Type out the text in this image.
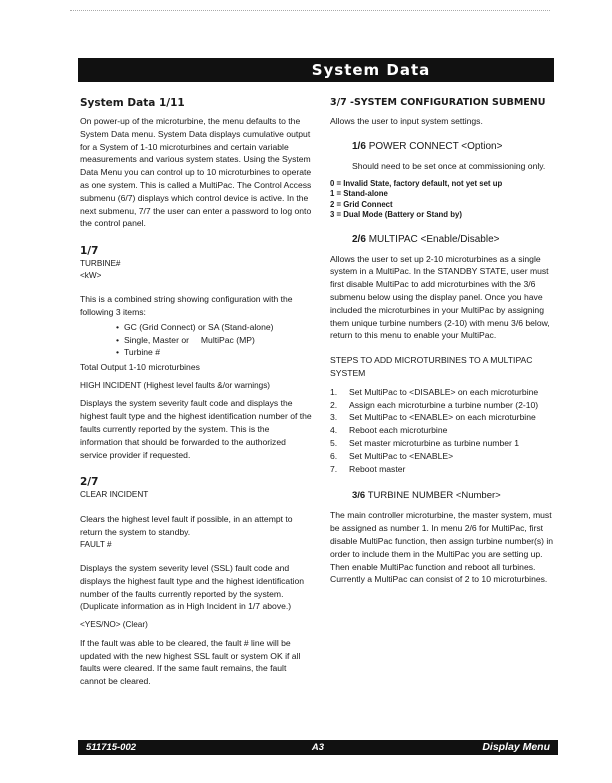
System Data
System Data 1/11

On power-up of the microturbine, the menu defaults to the System Data menu. System Data displays cumulative output for a System of 1-10 microturbines and certain variable measurements and various system states. Using the System Data Menu you can control up to 10 microturbines to operate as one system. This is called a MultiPac. The Control Access submenu (6/7) displays which control device is active. In the next submenu, 7/7 the user can enter a password to log onto the control panel.

1/7

TURBINE#

<kW>

This is a combined string showing configuration with the following 3 items:

• GC (Grid Connect) or SA (Stand-alone)
• Single, Master or     MultiPac (MP)
• Turbine #

Total Output 1-10 microturbines

HIGH INCIDENT (Highest level faults &/or warnings)

Displays the system severity fault code and displays the highest fault type and the highest identification number of the faults currently reported by the system. This is the information that should be forwarded to the authorized service provider if requested.

2/7

CLEAR INCIDENT

Clears the highest level fault if possible, in an attempt to return the system to standby.

FAULT #

Displays the system severity level (SSL) fault code and displays the highest fault type and the highest identification number of the faults currently reported by the system. (Duplicate information as in High Incident in 1/7 above.)

<YES/NO> (Clear)

If the fault was able to be cleared, the fault # line will be updated with the new highest SSL fault or system OK if all faults were cleared. If the same fault remains, the fault cannot be cleared.

3/7 -SYSTEM CONFIGURATION SUBMENU

Allows the user to input system settings.

1/6 POWER CONNECT <Option>

Should need to be set once at commissioning only.

0 = Invalid State, factory default, not yet set up

1 = Stand-alone

2 = Grid Connect

3 = Dual Mode (Battery or Stand by)

2/6 MULTIPAC <Enable/Disable>

Allows the user to set up 2-10 microturbines as a single system in a MultiPac. In the STANDBY STATE, user must first disable MultiPac to add microturbines with the 3/6 submenu below using the display panel. Once you have included the microturbines in your MultiPac by assigning them unique turbine numbers (2-10) with menu 3/6 below, return to this menu to enable your MultiPac.

STEPS TO ADD MICROTURBINES TO A MULTIPAC SYSTEM

1.	Set MultiPac to <DISABLE> on each microturbine
2.	Assign each microturbine a turbine number (2-10)
3.	Set MultiPac to <ENABLE> on each microturbine
4.	Reboot each microturbine
5.	Set master microturbine as turbine number 1
6.	Set MultiPac to <ENABLE>
7.	Reboot master

3/6 TURBINE NUMBER <Number>

The main controller microturbine, the master system, must be assigned as number 1. In menu 2/6 for MultiPac, first disable MultiPac function, then assign turbine number(s) in order to include them in the MultiPac you are setting up. Then enable MultiPac function and reboot all turbines. Currently a MultiPac can consist of 2 to 10 microturbines.

511715-002	A3	Display Menu
